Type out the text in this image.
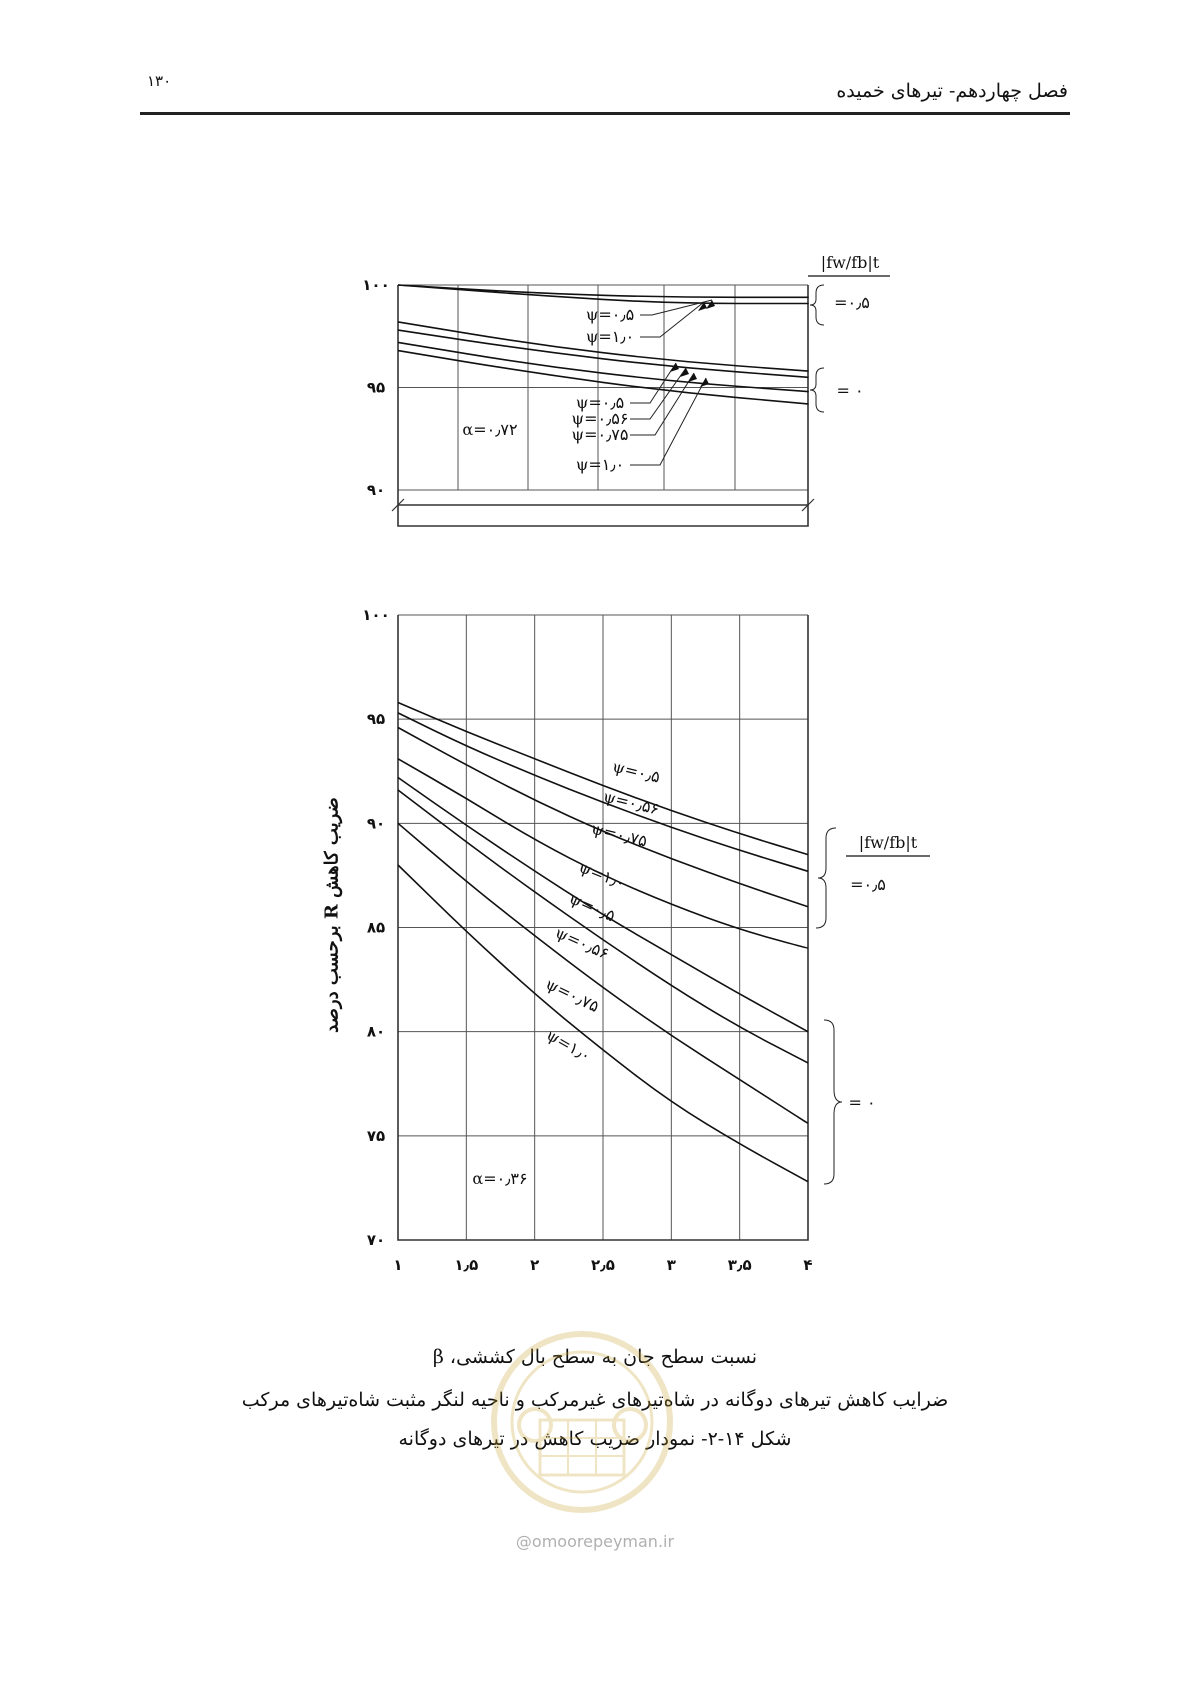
۱۳۰	فصل چهاردهم- تیرهای خمیده
۹۰
۹۵
۱۰۰
α=۰٫۷۲
ψ=۰٫۵
ψ=۱٫۰
ψ=۰٫۵
ψ=۰٫۵۶
ψ=۰٫۷۵
ψ=۱٫۰
|fw/fb|t
=۰٫۵
= ۰
۷۰
۷۵
۸۰
۸۵
۹۰
۹۵
۱۰۰
۱	۱٫۵	۲	۲٫۵	۳	۳٫۵	۴
α=۰٫۳۶
ψ=۰٫۵
ψ=۰٫۵۶
ψ=۰٫۷۵
ψ=۱٫۰
ψ=۰٫۵
ψ=۰٫۵۶
ψ=۰٫۷۵
ψ=۱٫۰
|fw/fb|t
=۰٫۵
= ۰
ضریب کاهش R برحسب درصد
نسبت سطح جان به سطح بال کششی، β
ضرایب کاهش تیرهای دوگانه در شاه‌تیرهای غیرمرکب و ناحیه لنگر مثبت شاه‌تیرهای مرکب
شکل ۱۴-۲- نمودار ضریب کاهش در تیرهای دوگانه
@omoorepeyman.ir
